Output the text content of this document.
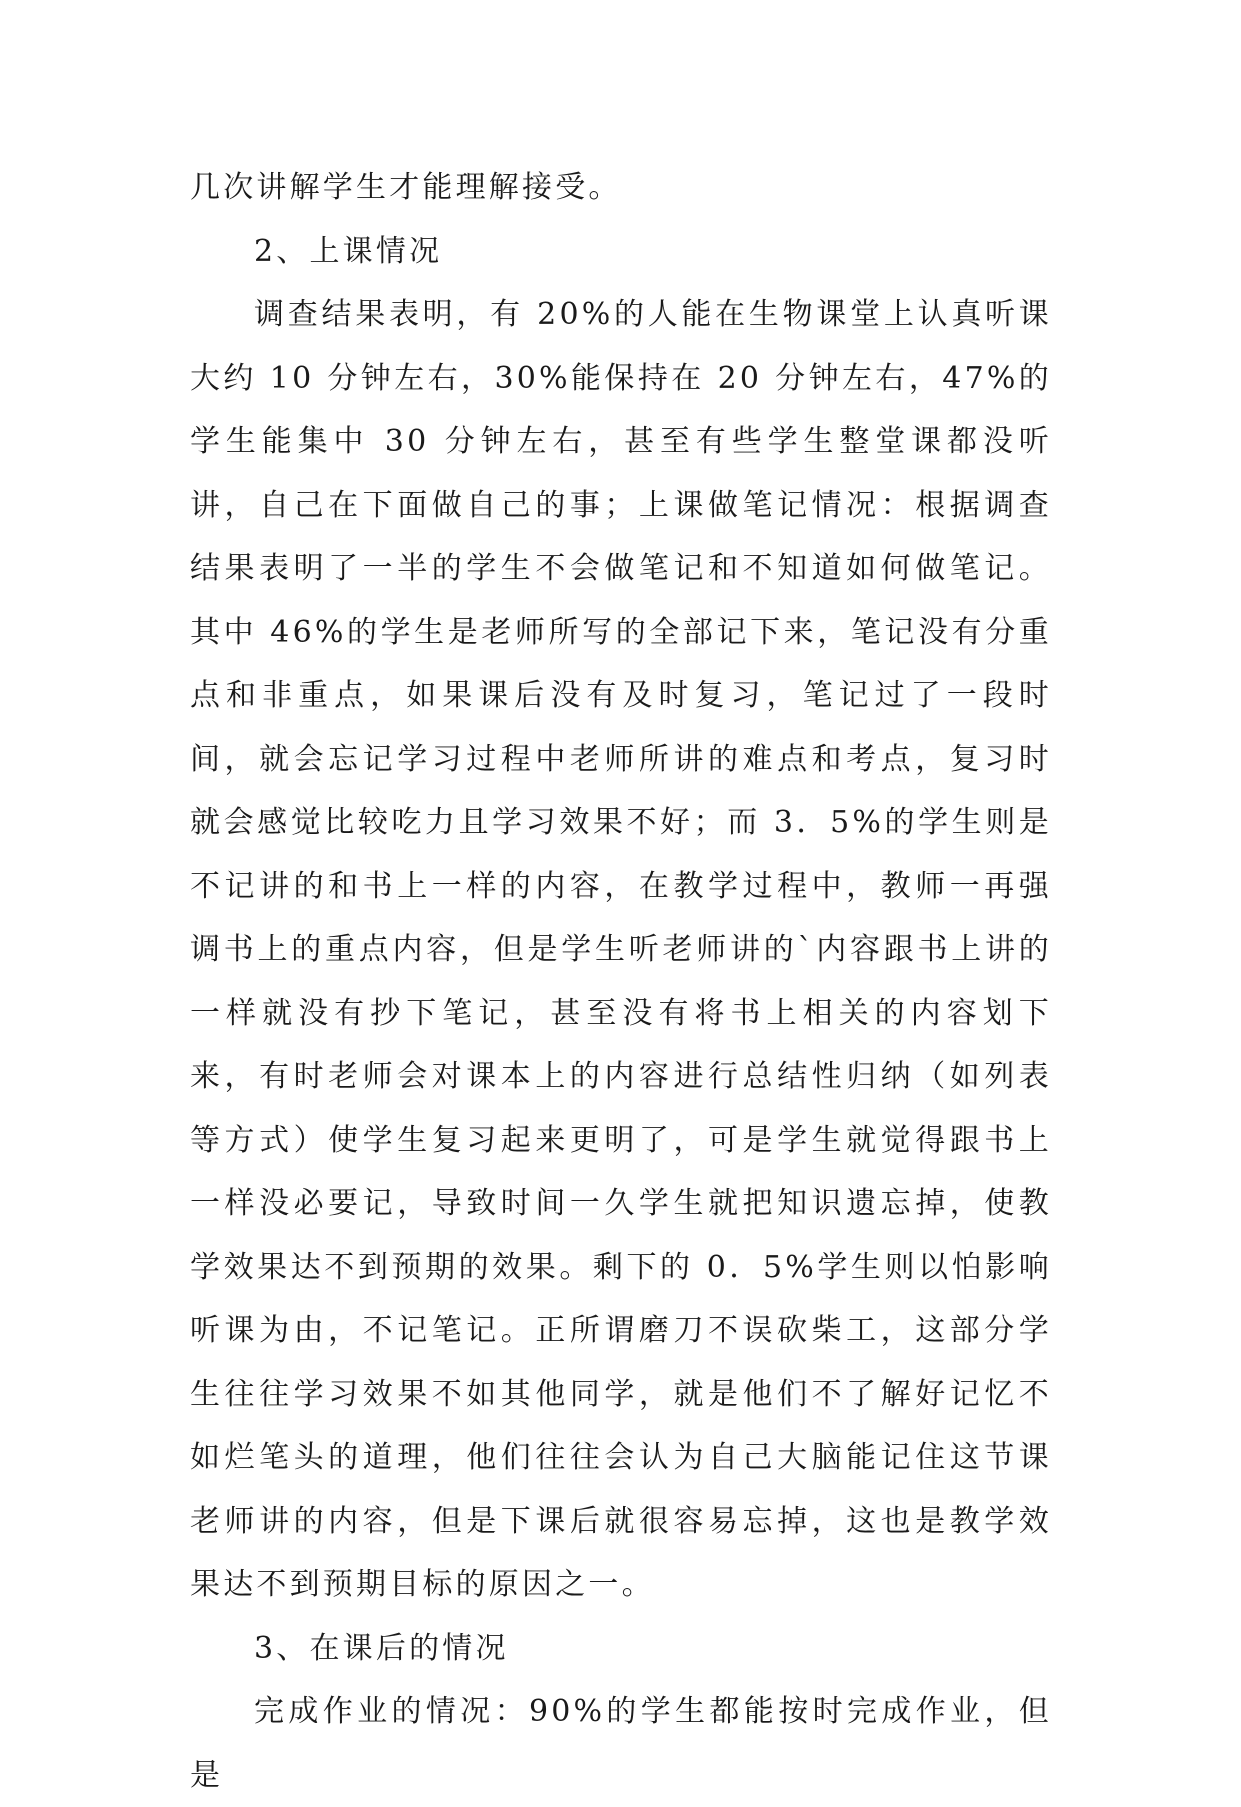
几次讲解学生才能理解接受。

2、上课情况

调查结果表明，有 20%的人能在生物课堂上认真听课大约 10 分钟左右，30%能保持在 20 分钟左右，47%的学生能集中 30 分钟左右，甚至有些学生整堂课都没听讲，自己在下面做自己的事；上课做笔记情况：根据调查结果表明了一半的学生不会做笔记和不知道如何做笔记。其中 46%的学生是老师所写的全部记下来，笔记没有分重点和非重点，如果课后没有及时复习，笔记过了一段时间，就会忘记学习过程中老师所讲的难点和考点，复习时就会感觉比较吃力且学习效果不好；而 3．5%的学生则是不记讲的和书上一样的内容，在教学过程中，教师一再强调书上的重点内容，但是学生听老师讲的`内容跟书上讲的一样就没有抄下笔记，甚至没有将书上相关的内容划下来，有时老师会对课本上的内容进行总结性归纳（如列表等方式）使学生复习起来更明了，可是学生就觉得跟书上一样没必要记，导致时间一久学生就把知识遗忘掉，使教学效果达不到预期的效果。剩下的 0．5%学生则以怕影响听课为由，不记笔记。正所谓磨刀不误砍柴工，这部分学生往往学习效果不如其他同学，就是他们不了解好记忆不如烂笔头的道理，他们往往会认为自己大脑能记住这节课老师讲的内容，但是下课后就很容易忘掉，这也是教学效果达不到预期目标的原因之一。

3、在课后的情况

完成作业的情况：90%的学生都能按时完成作业，但是
